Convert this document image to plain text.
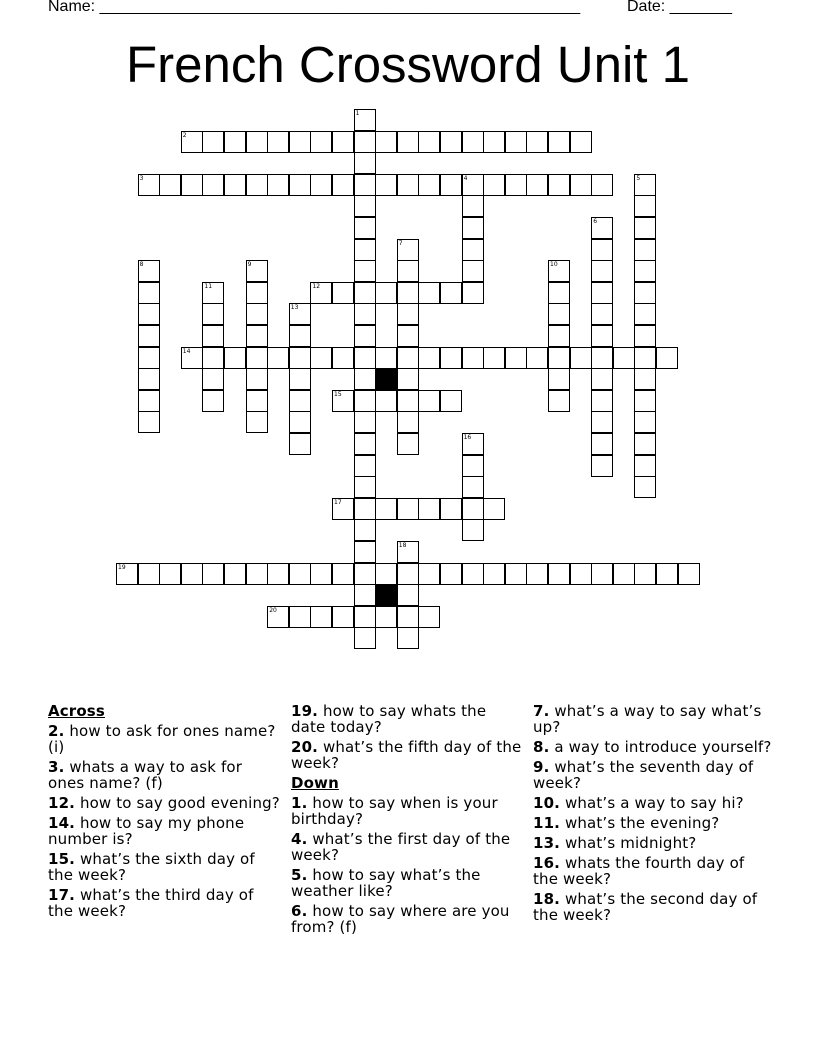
Name: ______________________________________________________	Date: _______
French Crossword Unit 1
2
3	4
12
14
15
17
19
20
1
5
6
7
8	9	10
11
13
16
18
Across
2. how to ask for ones name? (i)
3. whats a way to ask for ones name? (f)
12. how to say good evening?
14. how to say my phone number is?
15. what’s the sixth day of the week?
17. what’s the third day of the week?
19. how to say whats the date today?
20. what’s the fifth day of the week?
Down
1. how to say when is your birthday?
4. what’s the first day of the week?
5. how to say what’s the weather like?
6. how to say where are you from? (f)
7. what’s a way to say what’s up?
8. a way to introduce yourself?
9. what’s the seventh day of week?
10. what’s a way to say hi?
11. what’s the evening?
13. what’s midnight?
16. whats the fourth day of the week?
18. what’s the second day of the week?
